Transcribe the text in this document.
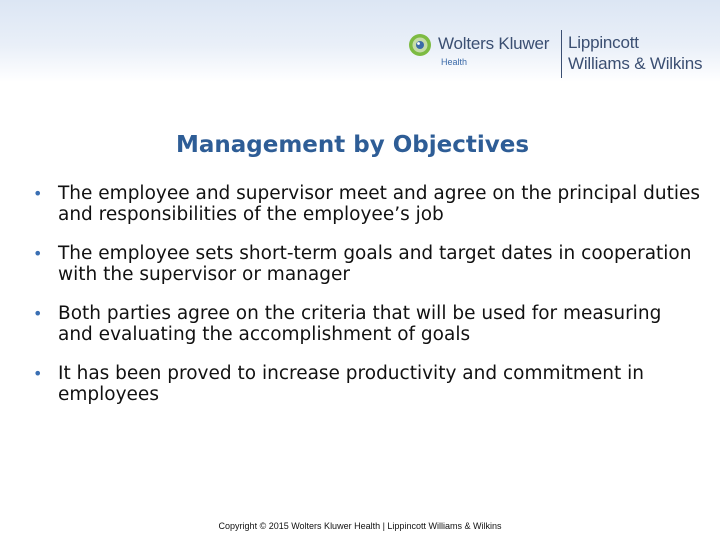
Wolters Kluwer
Health
Lippincott
Williams & Wilkins
Management by Objectives
• The employee and supervisor meet and agree on the principal duties and responsibilities of the employee’s job
• The employee sets short-term goals and target dates in cooperation with the supervisor or manager
• Both parties agree on the criteria that will be used for measuring and evaluating the accomplishment of goals
• It has been proved to increase productivity and commitment in employees
Copyright © 2015 Wolters Kluwer Health | Lippincott Williams & Wilkins
